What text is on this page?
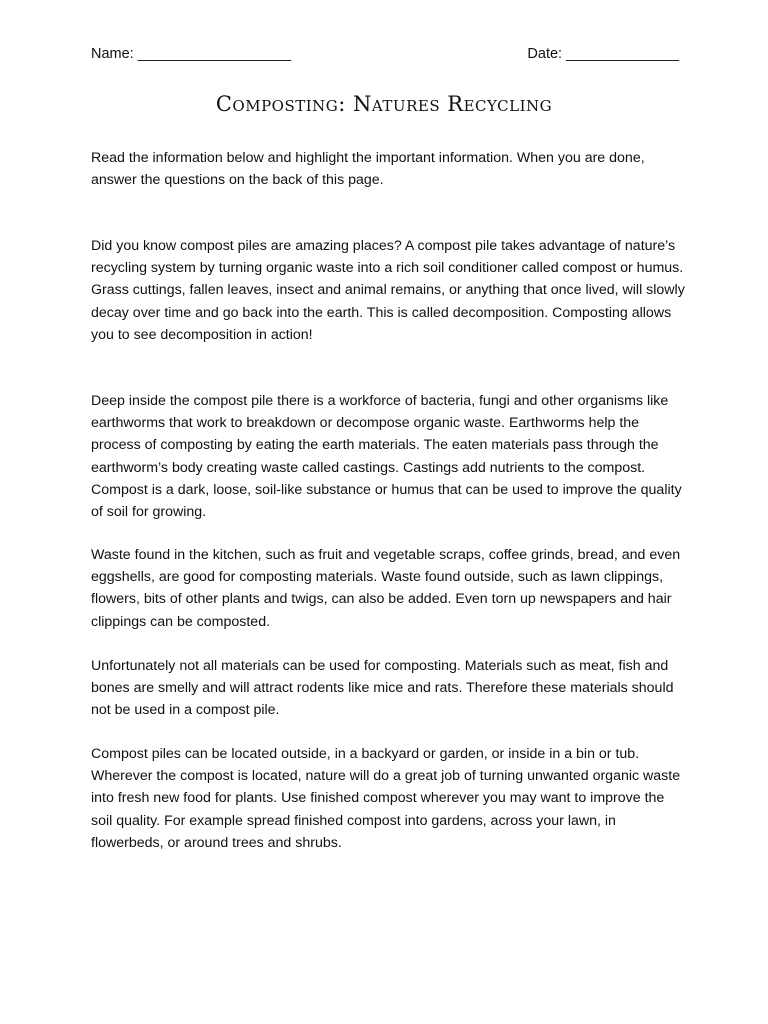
Name: ___________________	Date: ______________
Composting: Natures Recycling

Read the information below and highlight the important information. When you are done, answer the questions on the back of this page.

Did you know compost piles are amazing places? A compost pile takes advantage of nature’s recycling system by turning organic waste into a rich soil conditioner called compost or humus. Grass cuttings, fallen leaves, insect and animal remains, or anything that once lived, will slowly decay over time and go back into the earth. This is called decomposition. Composting allows you to see decomposition in action!

Deep inside the compost pile there is a workforce of bacteria, fungi and other organisms like earthworms that work to breakdown or decompose organic waste. Earthworms help the process of composting by eating the earth materials. The eaten materials pass through the earthworm’s body creating waste called castings. Castings add nutrients to the compost. Compost is a dark, loose, soil-like substance or humus that can be used to improve the quality of soil for growing.

Waste found in the kitchen, such as fruit and vegetable scraps, coffee grinds, bread, and even eggshells, are good for composting materials. Waste found outside, such as lawn clippings, flowers, bits of other plants and twigs, can also be added. Even torn up newspapers and hair clippings can be composted.

Unfortunately not all materials can be used for composting. Materials such as meat, fish and bones are smelly and will attract rodents like mice and rats. Therefore these materials should not be used in a compost pile.

Compost piles can be located outside, in a backyard or garden, or inside in a bin or tub. Wherever the compost is located, nature will do a great job of turning unwanted organic waste into fresh new food for plants. Use finished compost wherever you may want to improve the soil quality. For example spread finished compost into gardens, across your lawn, in flowerbeds, or around trees and shrubs.
